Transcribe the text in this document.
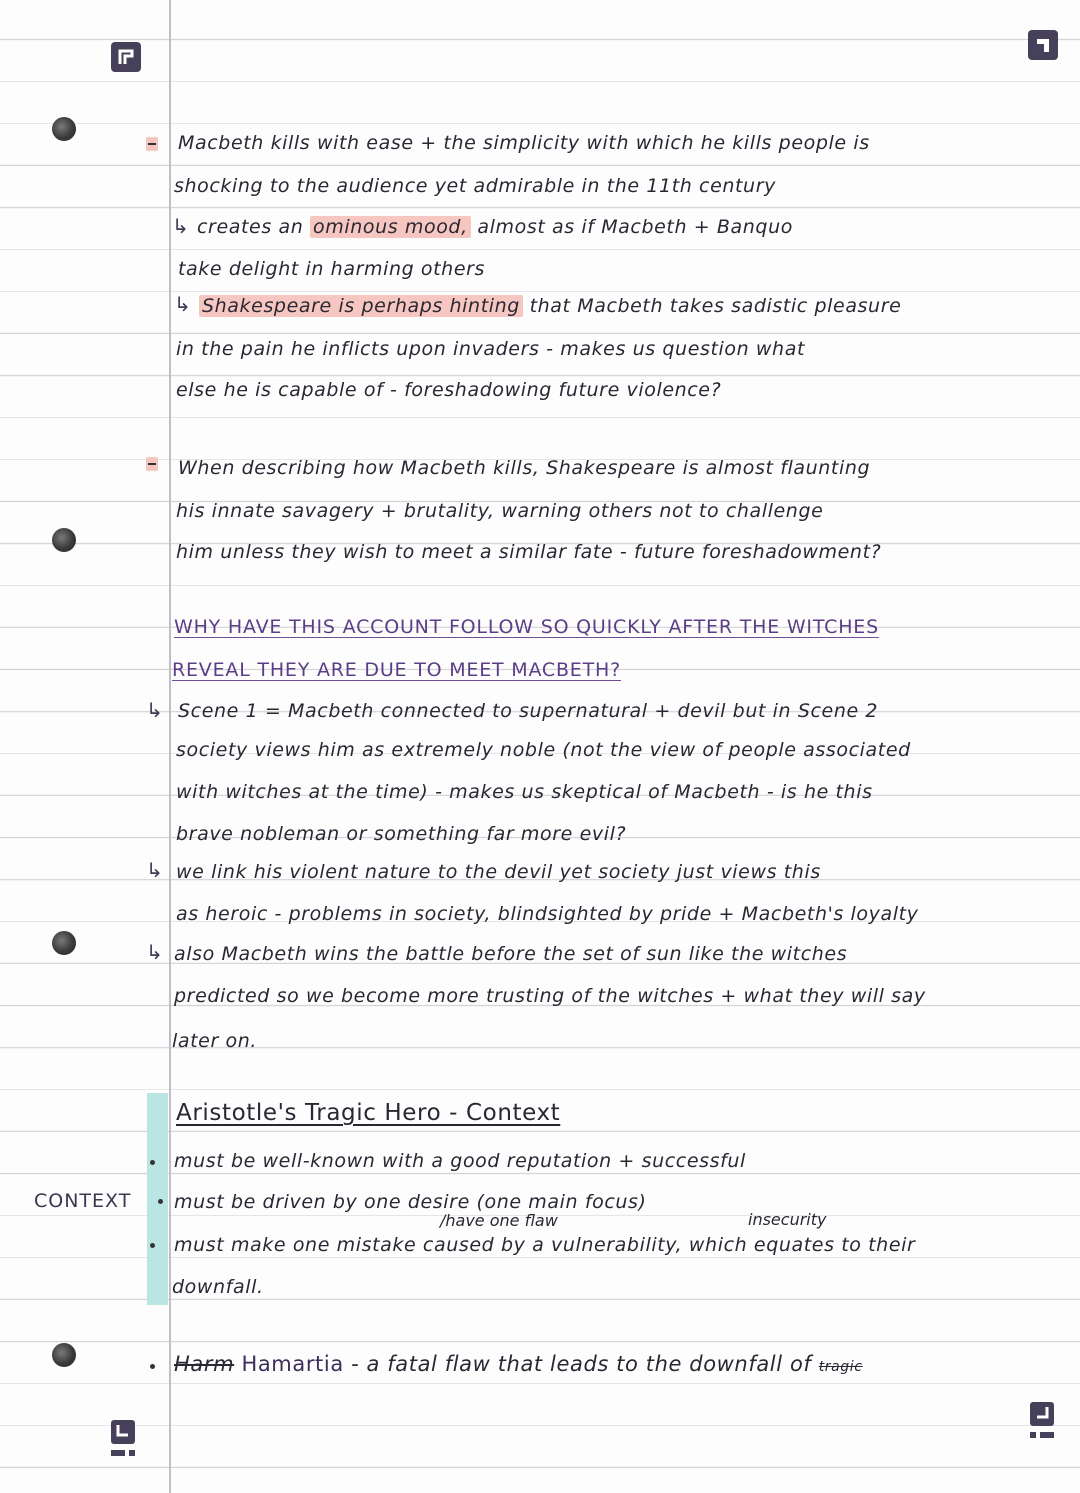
Macbeth kills with ease + the simplicity with which he kills people is
shocking to the audience yet admirable in the 11th century
↳ creates an ominous mood, almost as if Macbeth + Banquo
take delight in harming others
↳ Shakespeare is perhaps hinting that Macbeth takes sadistic pleasure
in the pain he inflicts upon invaders - makes us question what
else he is capable of - foreshadowing future violence?
When describing how Macbeth kills, Shakespeare is almost flaunting
his innate savagery + brutality, warning others not to challenge
him unless they wish to meet a similar fate - future foreshadowment?
WHY HAVE THIS ACCOUNT FOLLOW SO QUICKLY AFTER THE WITCHES
REVEAL THEY ARE DUE TO MEET MACBETH?
↳ Scene 1 = Macbeth connected to supernatural + devil but in Scene 2
society views him as extremely noble (not the view of people associated
with witches at the time) - makes us skeptical of Macbeth - is he this
brave nobleman or something far more evil?
↳ we link his violent nature to the devil yet society just views this
as heroic - problems in society, blindsighted by pride + Macbeth's loyalty
↳ also Macbeth wins the battle before the set of sun like the witches
predicted so we become more trusting of the witches + what they will say
later on.
Aristotle's Tragic Hero - Context
must be well-known with a good reputation + successful
CONTEXT must be driven by one desire (one main focus)
/have one flaw	insecurity
must make one mistake caused by a vulnerability, which equates to their
downfall.
Harm Hamartia - a fatal flaw that leads to the downfall of tragic
